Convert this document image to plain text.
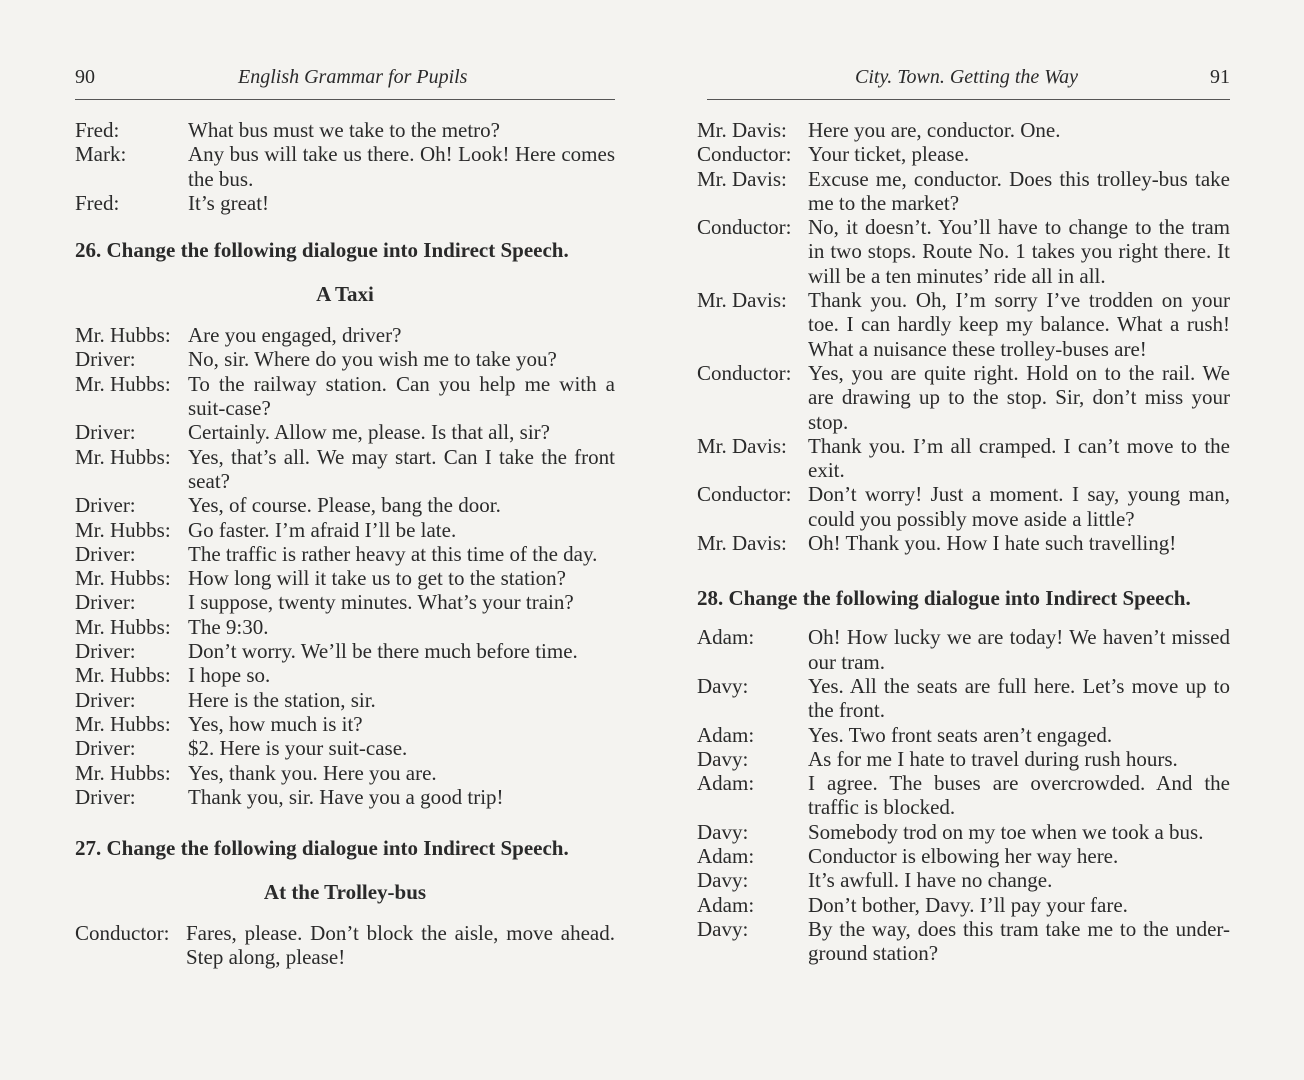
90	English Grammar for Pupils
Fred:	What bus must we take to the metro?
Mark:	Any bus will take us there. Oh! Look! Here comes the bus.
Fred:	It’s great!
26. Change the following dialogue into Indirect Speech.
A Taxi
Mr. Hubbs: Are you engaged, driver?
Driver:	No, sir. Where do you wish me to take you?
Mr. Hubbs: To the railway station. Can you help me with a suit-case?
Driver:	Certainly. Allow me, please. Is that all, sir?
Mr. Hubbs: Yes, that’s all. We may start. Can I take the front seat?
Driver:	Yes, of course. Please, bang the door.
Mr. Hubbs: Go faster. I’m afraid I’ll be late.
Driver:	The traffic is rather heavy at this time of the day.
Mr. Hubbs: How long will it take us to get to the station?
Driver:	I suppose, twenty minutes. What’s your train?
Mr. Hubbs: The 9:30.
Driver:	Don’t worry. We’ll be there much before time.
Mr. Hubbs: I hope so.
Driver:	Here is the station, sir.
Mr. Hubbs: Yes, how much is it?
Driver:	$2. Here is your suit-case.
Mr. Hubbs: Yes, thank you. Here you are.
Driver:	Thank you, sir. Have you a good trip!
27. Change the following dialogue into Indirect Speech.
At the Trolley-bus
Conductor: Fares, please. Don’t block the aisle, move ahead. Step along, please!
City. Town. Getting the Way	91
Mr. Davis:	Here you are, conductor. One.
Conductor: Your ticket, please.
Mr. Davis:	Excuse me, conductor. Does this trolley-bus take me to the market?
Conductor: No, it doesn’t. You’ll have to change to the tram in two stops. Route No. 1 takes you right there. It will be a ten minutes’ ride all in all.
Mr. Davis:	Thank you. Oh, I’m sorry I’ve trodden on your toe. I can hardly keep my balance. What a rush! What a nuisance these trolley-buses are!
Conductor: Yes, you are quite right. Hold on to the rail. We are drawing up to the stop. Sir, don’t miss your stop.
Mr. Davis:	Thank you. I’m all cramped. I can’t move to the exit.
Conductor: Don’t worry! Just a moment. I say, young man, could you possibly move aside a little?
Mr. Davis:	Oh! Thank you. How I hate such travelling!
28. Change the following dialogue into Indirect Speech.
Adam:	Oh! How lucky we are today! We haven’t missed our tram.
Davy:	Yes. All the seats are full here. Let’s move up to the front.
Adam:	Yes. Two front seats aren’t engaged.
Davy:	As for me I hate to travel during rush hours.
Adam:	I agree. The buses are overcrowded. And the traffic is blocked.
Davy:	Somebody trod on my toe when we took a bus.
Adam:	Conductor is elbowing her way here.
Davy:	It’s awfull. I have no change.
Adam:	Don’t bother, Davy. I’ll pay your fare.
Davy:	By the way, does this tram take me to the under-ground station?
